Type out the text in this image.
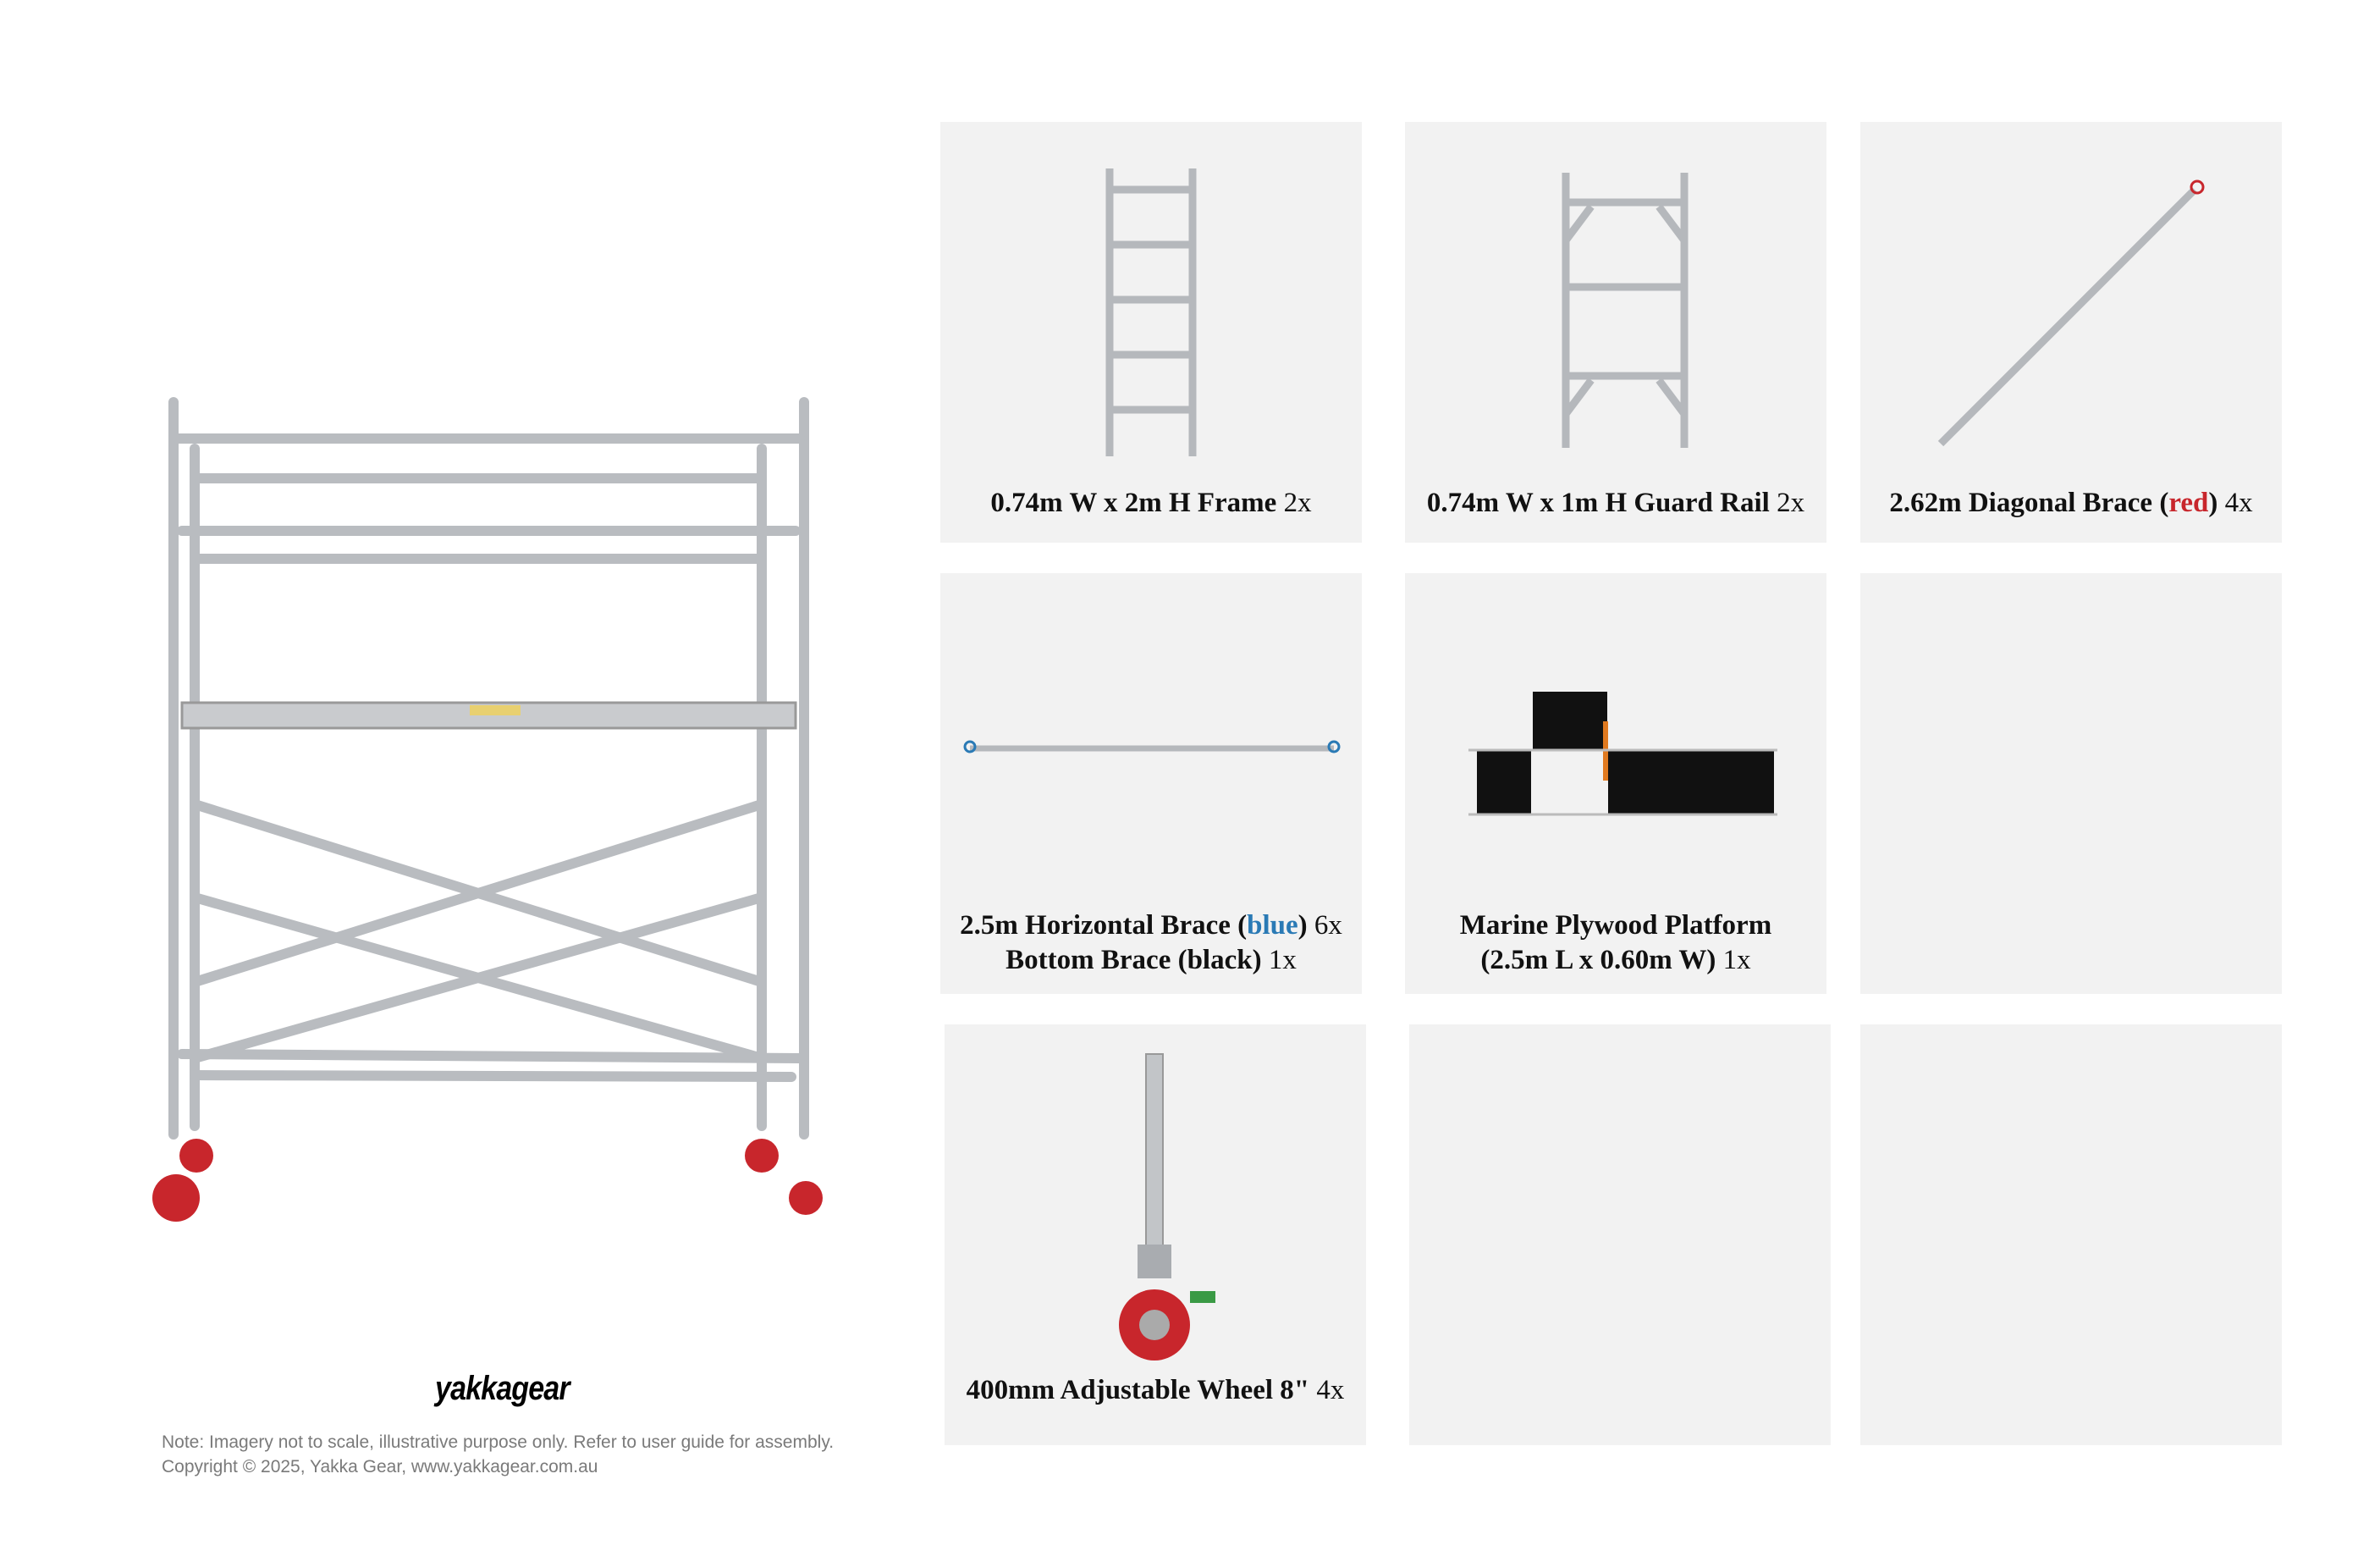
yakkagear
Note: Imagery not to scale, illustrative purpose only. Refer to user guide for assembly.
Copyright © 2025, Yakka Gear, www.yakkagear.com.au
0.74m W x 2m H Frame 2x	0.74m W x 1m H Guard Rail 2x	2.62m Diagonal Brace (red) 4x
2.5m Horizontal Brace (blue) 6x
Bottom Brace (black) 1x
Marine Plywood Platform
(2.5m L x 0.60m W) 1x
400mm Adjustable Wheel 8" 4x
